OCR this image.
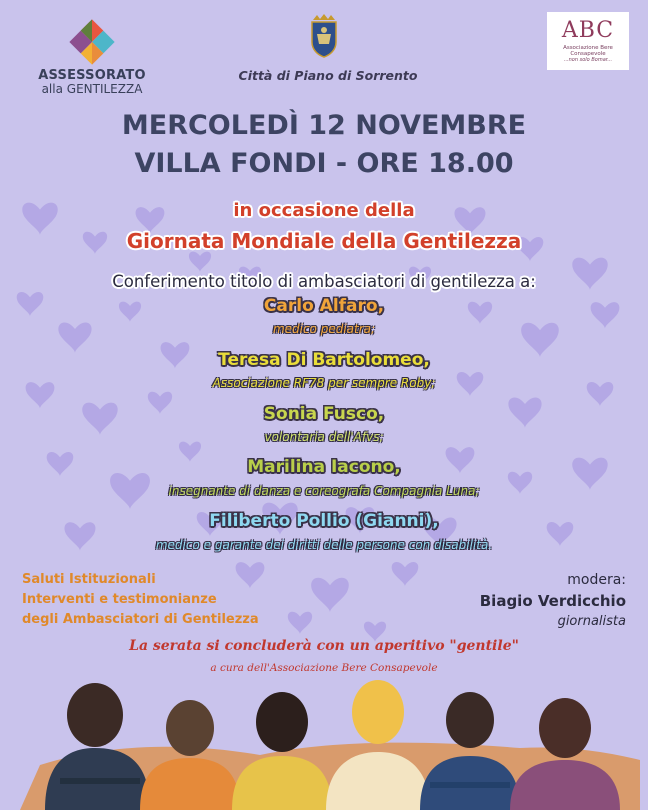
ASSESSORATO
alla GENTILEZZA
Città di Piano di Sorrento
ABC
Associazione Bere Consapevole
...non solo Bomar...
MERCOLEDÌ 12 NOVEMBRE
VILLA FONDI - ORE 18.00
in occasione della
Giornata Mondiale della Gentilezza
Conferimento titolo di ambasciatori di gentilezza a:
Carlo Alfaro,
medico pediatra;
Teresa Di Bartolomeo,
Associazione RF78 per sempre Roby;
Sonia Fusco,
volontaria dell'Afvs;
Marilina Iacono,
insegnante di danza e coreografa Compagnia Luna;
Filiberto Pollio (Gianni),
medico e garante dei diritti delle persone con disabilità.
Saluti Istituzionali
Interventi e testimonianze
degli Ambasciatori di Gentilezza
modera:
Biagio Verdicchio
giornalista
La serata si concluderà con un aperitivo "gentile"
a cura dell'Associazione Bere Consapevole
